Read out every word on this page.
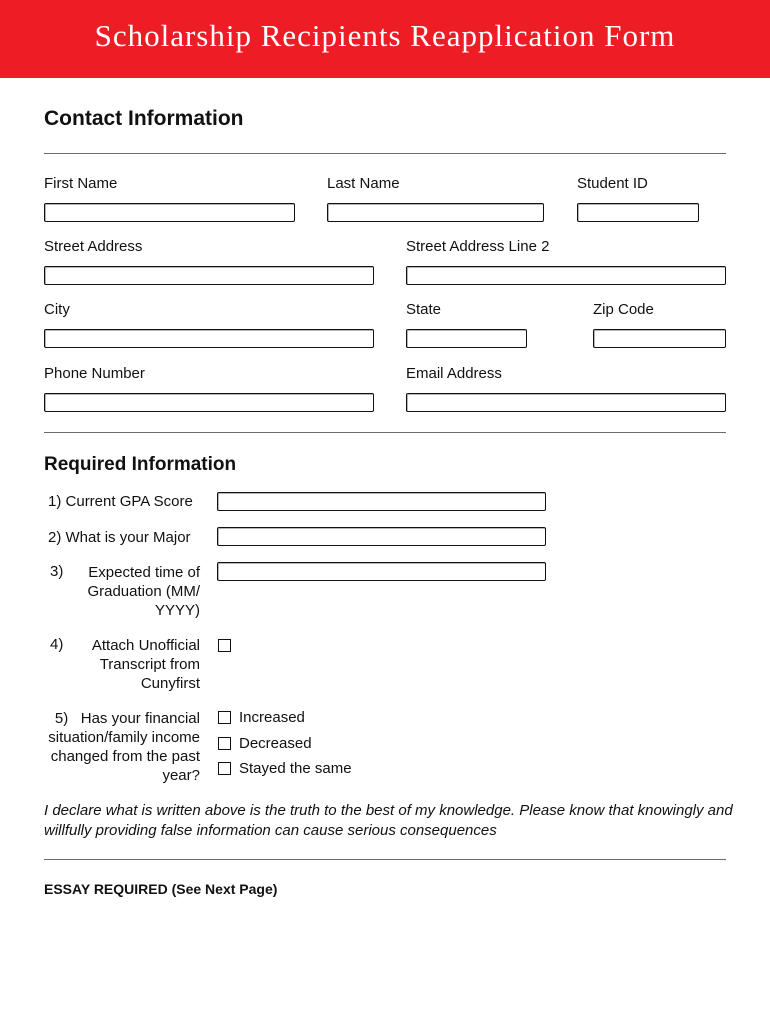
Scholarship Recipients Reapplication Form
Contact Information
First Name	Last Name	Student ID
Street Address	Street Address Line 2
City	State	Zip Code
Phone Number	Email Address
Required Information
1) Current GPA Score
2) What is your Major
3)	Expected time of
Graduation (MM/
YYYY)
4)	Attach Unofficial
Transcript from
Cunyfirst
5)   Has your financial
situation/family income
changed from the past
year?
Increased
Decreased
Stayed the same
I declare what is written above is the truth to the best of my knowledge. Please know that knowingly and willfully providing false information can cause serious consequences
ESSAY REQUIRED (See Next Page)
